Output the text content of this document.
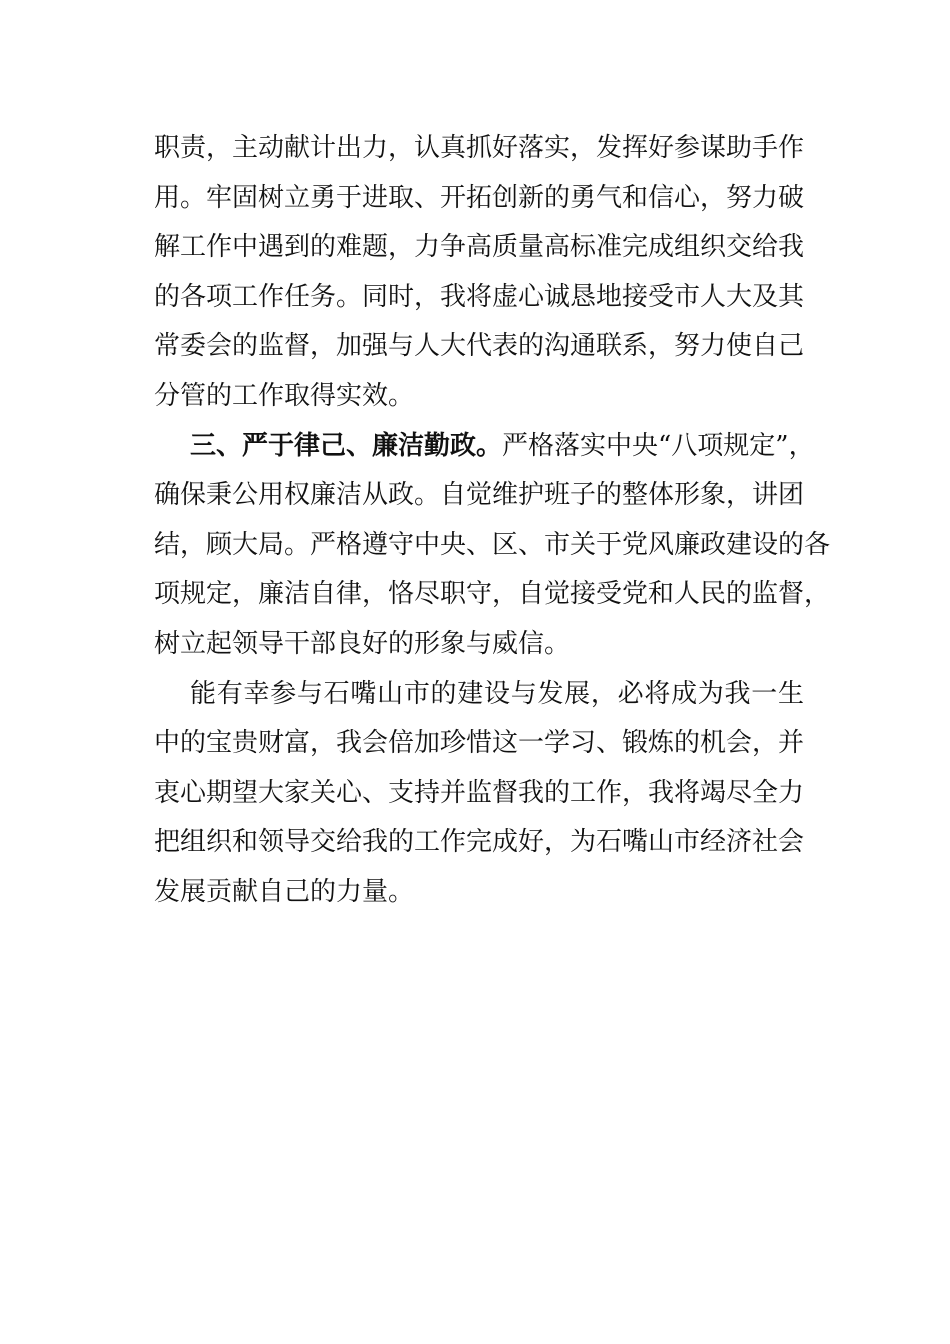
职责，主动献计出力，认真抓好落实，发挥好参谋助手作
用。牢固树立勇于进取、开拓创新的勇气和信心，努力破
解工作中遇到的难题，力争高质量高标准完成组织交给我
的各项工作任务。同时，我将虚心诚恳地接受市人大及其
常委会的监督，加强与人大代表的沟通联系，努力使自己
分管的工作取得实效。
三、严于律己、廉洁勤政。严格落实中央“八项规定”，
确保秉公用权廉洁从政。自觉维护班子的整体形象，讲团
结，顾大局。严格遵守中央、区、市关于党风廉政建设的各
项规定，廉洁自律，恪尽职守，自觉接受党和人民的监督，
树立起领导干部良好的形象与威信。
能有幸参与石嘴山市的建设与发展，必将成为我一生
中的宝贵财富，我会倍加珍惜这一学习、锻炼的机会，并
衷心期望大家关心、支持并监督我的工作，我将竭尽全力
把组织和领导交给我的工作完成好，为石嘴山市经济社会
发展贡献自己的力量。
